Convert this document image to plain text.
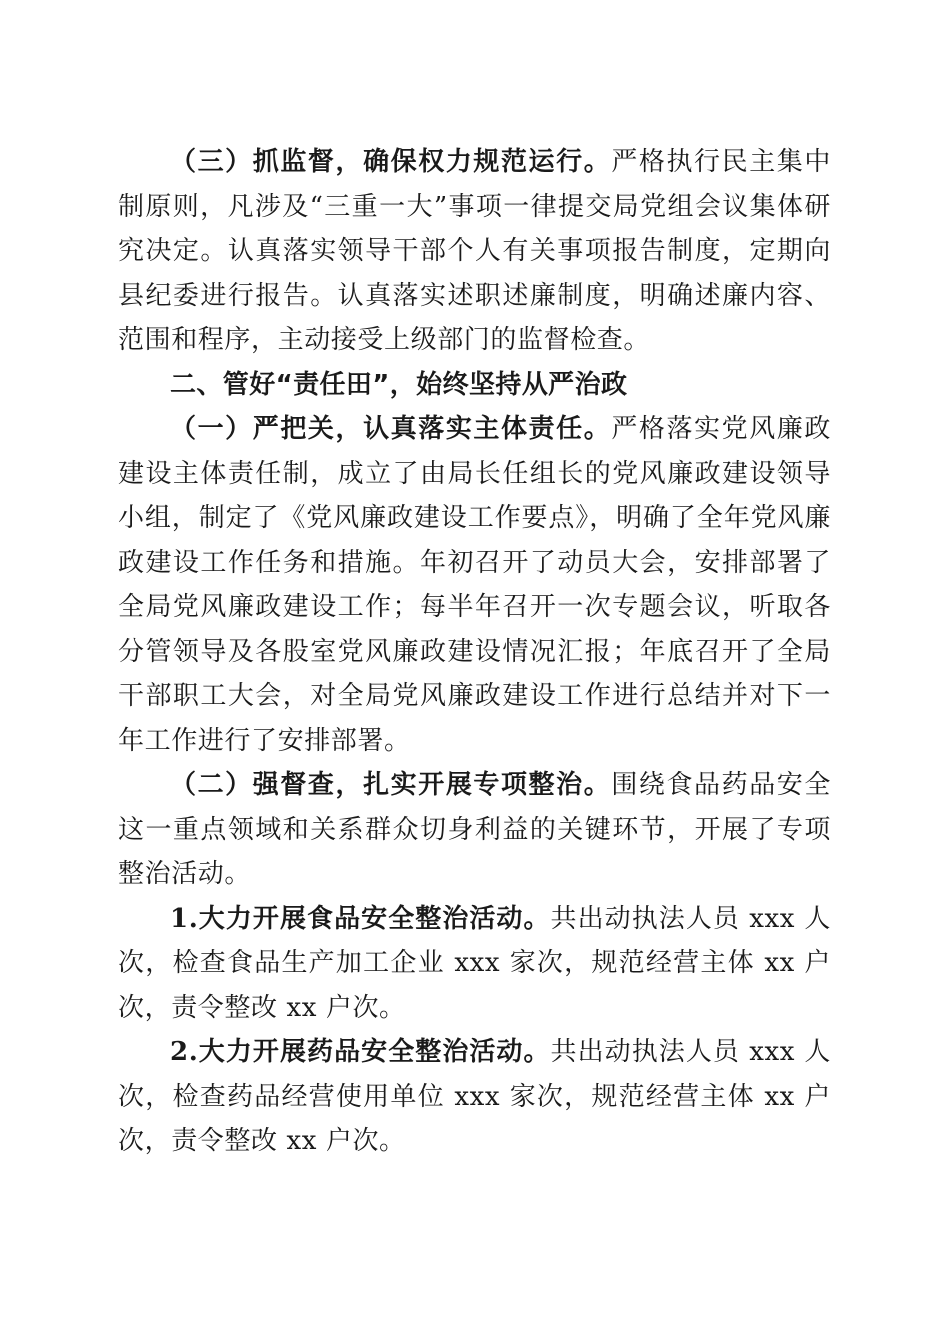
（三）抓监督，确保权力规范运行。严格执行民主集中制原则，凡涉及“三重一大”事项一律提交局党组会议集体研究决定。认真落实领导干部个人有关事项报告制度，定期向县纪委进行报告。认真落实述职述廉制度，明确述廉内容、范围和程序，主动接受上级部门的监督检查。

二、管好“责任田”，始终坚持从严治政

（一）严把关，认真落实主体责任。严格落实党风廉政建设主体责任制，成立了由局长任组长的党风廉政建设领导小组，制定了《党风廉政建设工作要点》，明确了全年党风廉政建设工作任务和措施。年初召开了动员大会，安排部署了全局党风廉政建设工作；每半年召开一次专题会议，听取各分管领导及各股室党风廉政建设情况汇报；年底召开了全局干部职工大会，对全局党风廉政建设工作进行总结并对下一年工作进行了安排部署。

（二）强督查，扎实开展专项整治。围绕食品药品安全这一重点领域和关系群众切身利益的关键环节，开展了专项整治活动。

1.大力开展食品安全整治活动。共出动执法人员 xxx 人次，检查食品生产加工企业 xxx 家次，规范经营主体 xx 户次，责令整改 xx 户次。

2.大力开展药品安全整治活动。共出动执法人员 xxx 人次，检查药品经营使用单位 xxx 家次，规范经营主体 xx 户次，责令整改 xx 户次。
